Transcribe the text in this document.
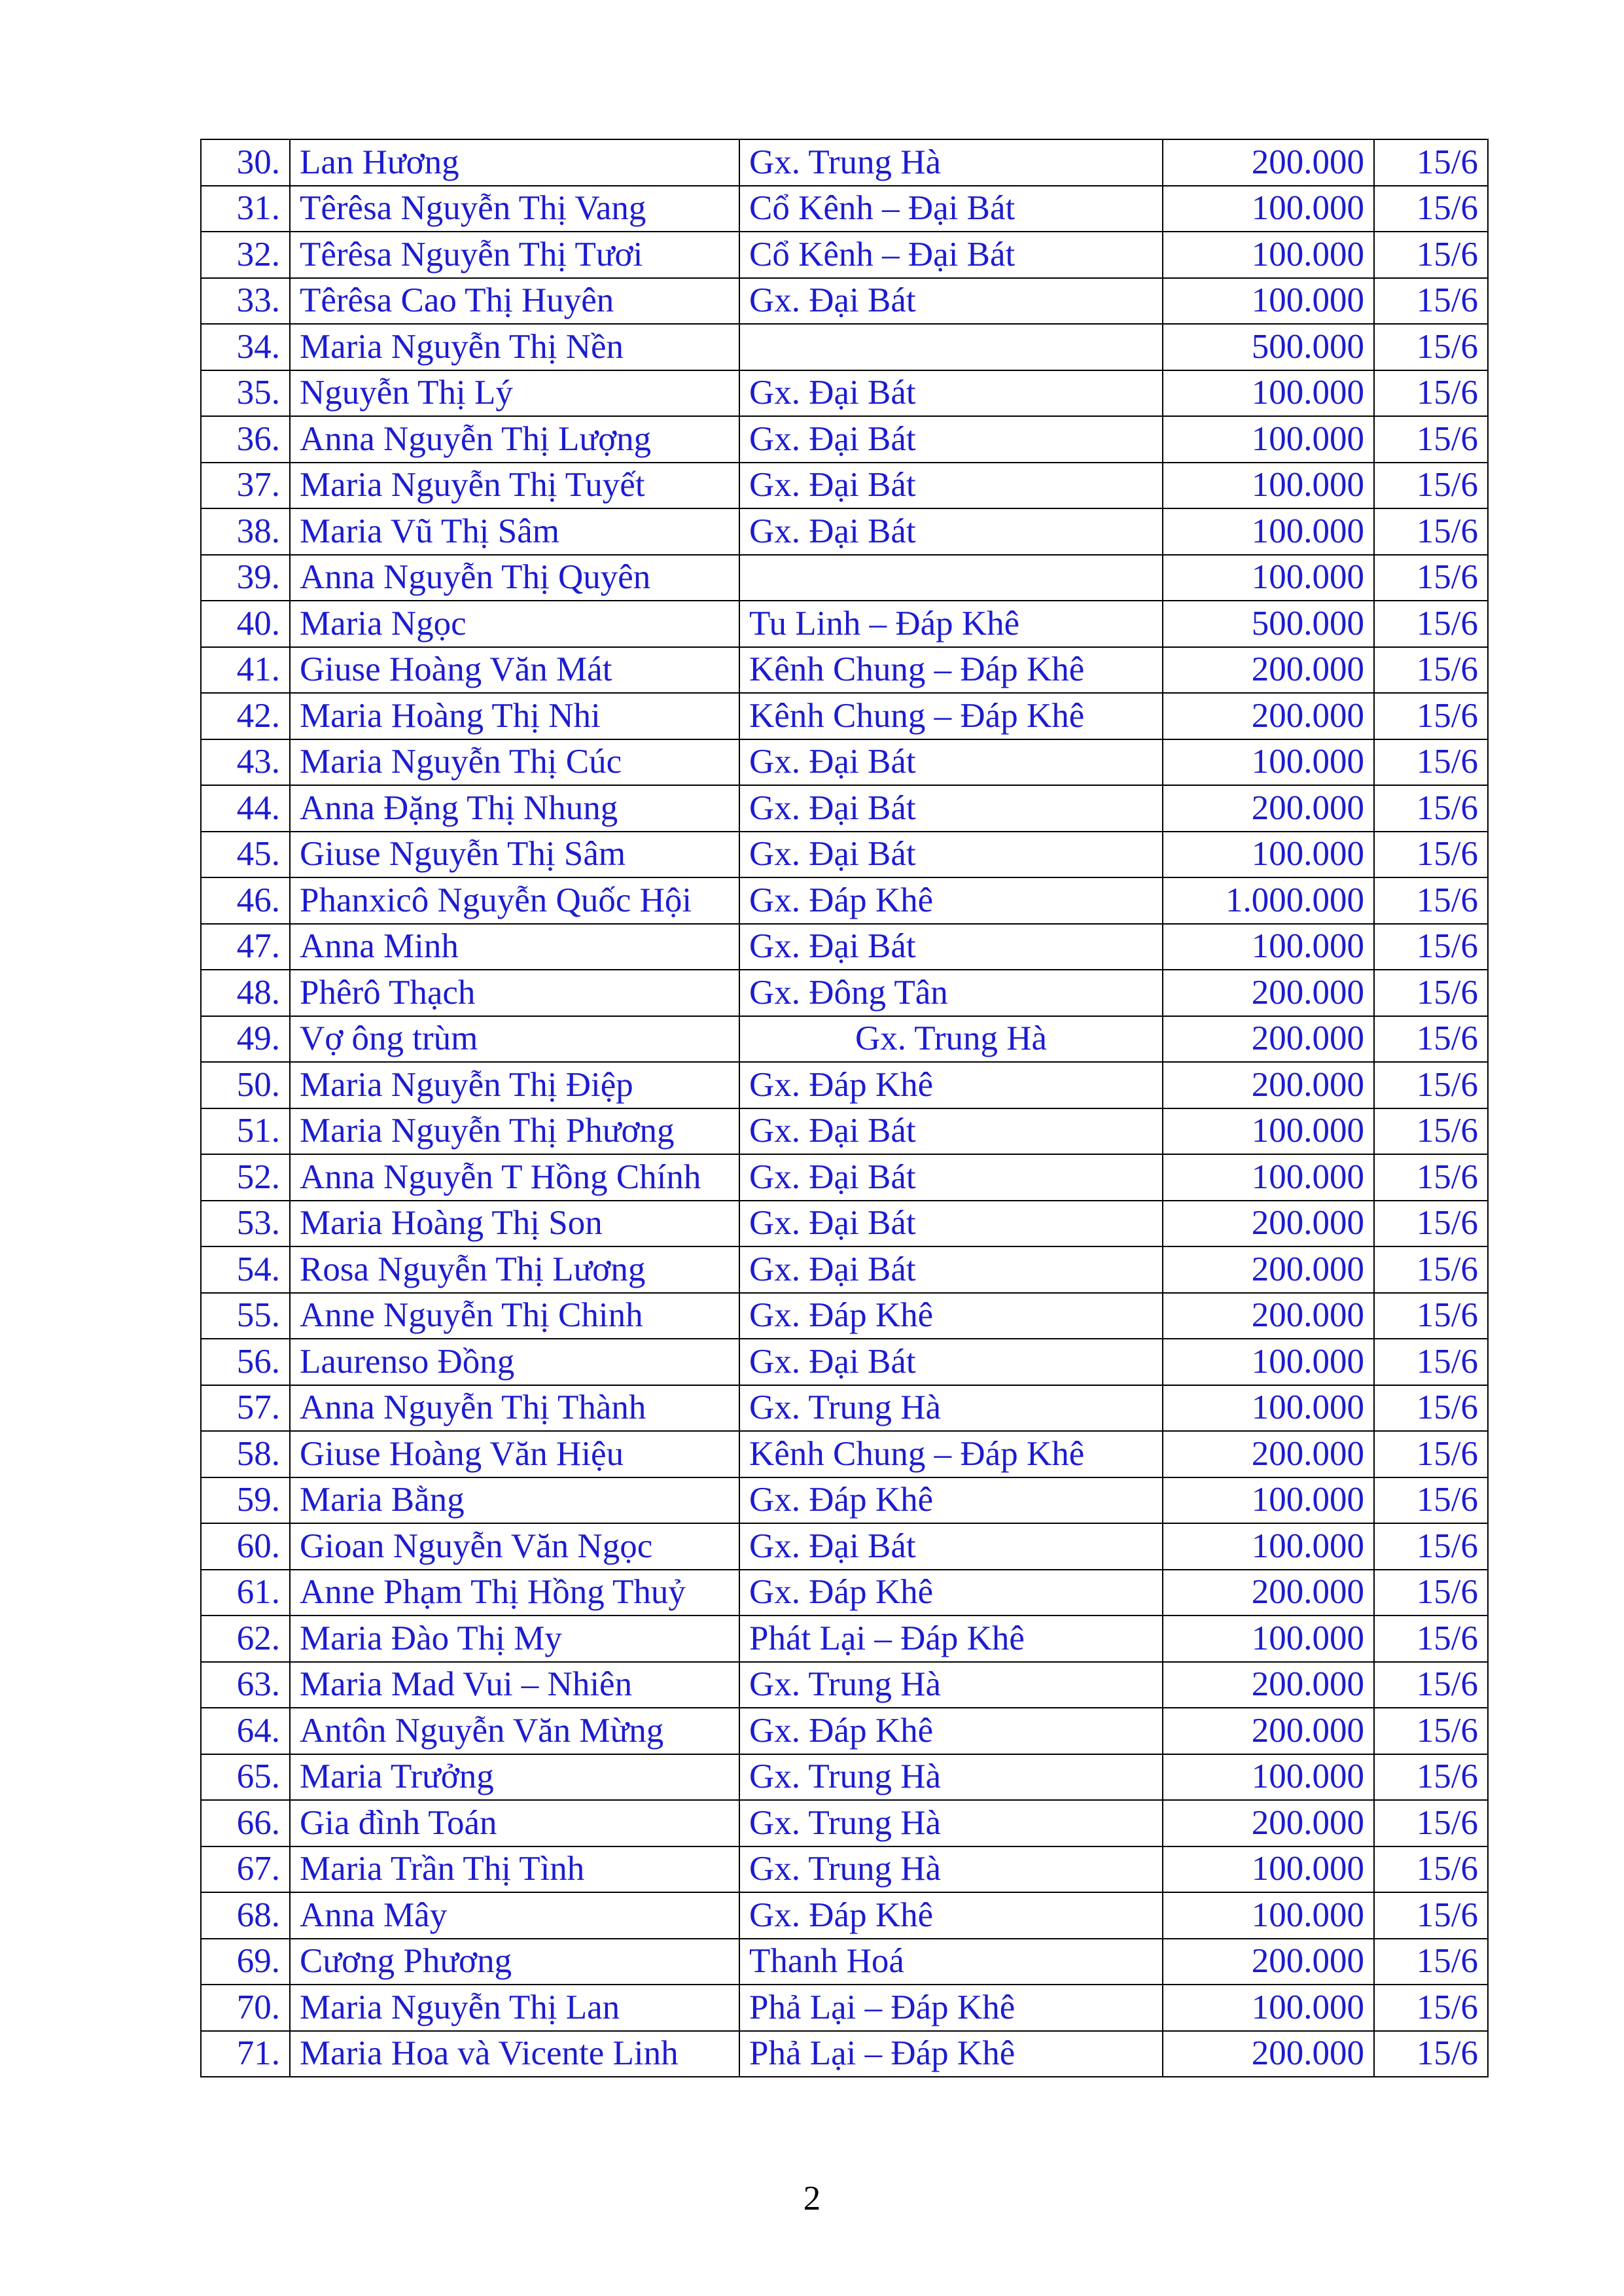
30.	Lan Hương	Gx. Trung Hà	200.000	15/6
31.	Têrêsa Nguyễn Thị Vang	Cổ Kênh – Đại Bát	100.000	15/6
32.	Têrêsa Nguyễn Thị Tươi	Cổ Kênh – Đại Bát	100.000	15/6
33.	Têrêsa Cao Thị Huyên	Gx. Đại Bát	100.000	15/6
34.	Maria Nguyễn Thị Nền		500.000	15/6
35.	Nguyễn Thị Lý	Gx. Đại Bát	100.000	15/6
36.	Anna Nguyễn Thị Lượng	Gx. Đại Bát	100.000	15/6
37.	Maria Nguyễn Thị Tuyết	Gx. Đại Bát	100.000	15/6
38.	Maria Vũ Thị Sâm	Gx. Đại Bát	100.000	15/6
39.	Anna Nguyễn Thị Quyên		100.000	15/6
40.	Maria Ngọc	Tu Linh – Đáp Khê	500.000	15/6
41.	Giuse Hoàng Văn Mát	Kênh Chung – Đáp Khê	200.000	15/6
42.	Maria Hoàng Thị Nhi	Kênh Chung – Đáp Khê	200.000	15/6
43.	Maria Nguyễn Thị Cúc	Gx. Đại Bát	100.000	15/6
44.	Anna Đặng Thị Nhung	Gx. Đại Bát	200.000	15/6
45.	Giuse Nguyễn Thị Sâm	Gx. Đại Bát	100.000	15/6
46.	Phanxicô Nguyễn Quốc Hội	Gx. Đáp Khê	1.000.000	15/6
47.	Anna Minh	Gx. Đại Bát	100.000	15/6
48.	Phêrô Thạch	Gx. Đông Tân	200.000	15/6
49.	Vợ ông trùm	Gx. Trung Hà	200.000	15/6
50.	Maria Nguyễn Thị Điệp	Gx. Đáp Khê	200.000	15/6
51.	Maria Nguyễn Thị Phương	Gx. Đại Bát	100.000	15/6
52.	Anna Nguyễn T Hồng Chính	Gx. Đại Bát	100.000	15/6
53.	Maria Hoàng Thị Son	Gx. Đại Bát	200.000	15/6
54.	Rosa Nguyễn Thị Lương	Gx. Đại Bát	200.000	15/6
55.	Anne Nguyễn Thị Chinh	Gx. Đáp Khê	200.000	15/6
56.	Laurenso Đồng	Gx. Đại Bát	100.000	15/6
57.	Anna Nguyễn Thị Thành	Gx. Trung Hà	100.000	15/6
58.	Giuse Hoàng Văn Hiệu	Kênh Chung – Đáp Khê	200.000	15/6
59.	Maria Bằng	Gx. Đáp Khê	100.000	15/6
60.	Gioan Nguyễn Văn Ngọc	Gx. Đại Bát	100.000	15/6
61.	Anne Phạm Thị Hồng Thuỷ	Gx. Đáp Khê	200.000	15/6
62.	Maria Đào Thị My	Phát Lại – Đáp Khê	100.000	15/6
63.	Maria Mad Vui – Nhiên	Gx. Trung Hà	200.000	15/6
64.	Antôn Nguyễn Văn Mừng	Gx. Đáp Khê	200.000	15/6
65.	Maria Trưởng	Gx. Trung Hà	100.000	15/6
66.	Gia đình Toán	Gx. Trung Hà	200.000	15/6
67.	Maria Trần Thị Tình	Gx. Trung Hà	100.000	15/6
68.	Anna Mây	Gx. Đáp Khê	100.000	15/6
69.	Cương Phương	Thanh Hoá	200.000	15/6
70.	Maria Nguyễn Thị Lan	Phả Lại – Đáp Khê	100.000	15/6
71.	Maria Hoa và Vicente Linh	Phả Lại – Đáp Khê	200.000	15/6
2
